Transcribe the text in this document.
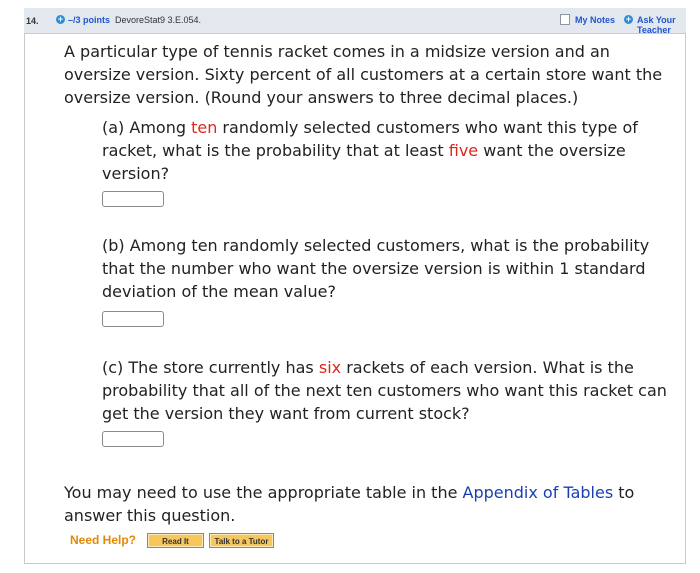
14. + –/3 points DevoreStat9 3.E.054.	My Notes + Ask Your Teacher
A particular type of tennis racket comes in a midsize version and an oversize version. Sixty percent of all customers at a certain store want the oversize version. (Round your answers to three decimal places.)
(a) Among ten randomly selected customers who want this type of racket, what is the probability that at least five want the oversize version?
(b) Among ten randomly selected customers, what is the probability that the number who want the oversize version is within 1 standard deviation of the mean value?
(c) The store currently has six rackets of each version. What is the probability that all of the next ten customers who want this racket can get the version they want from current stock?
You may need to use the appropriate table in the Appendix of Tables to answer this question.
Need Help?	Read It	Talk to a Tutor
